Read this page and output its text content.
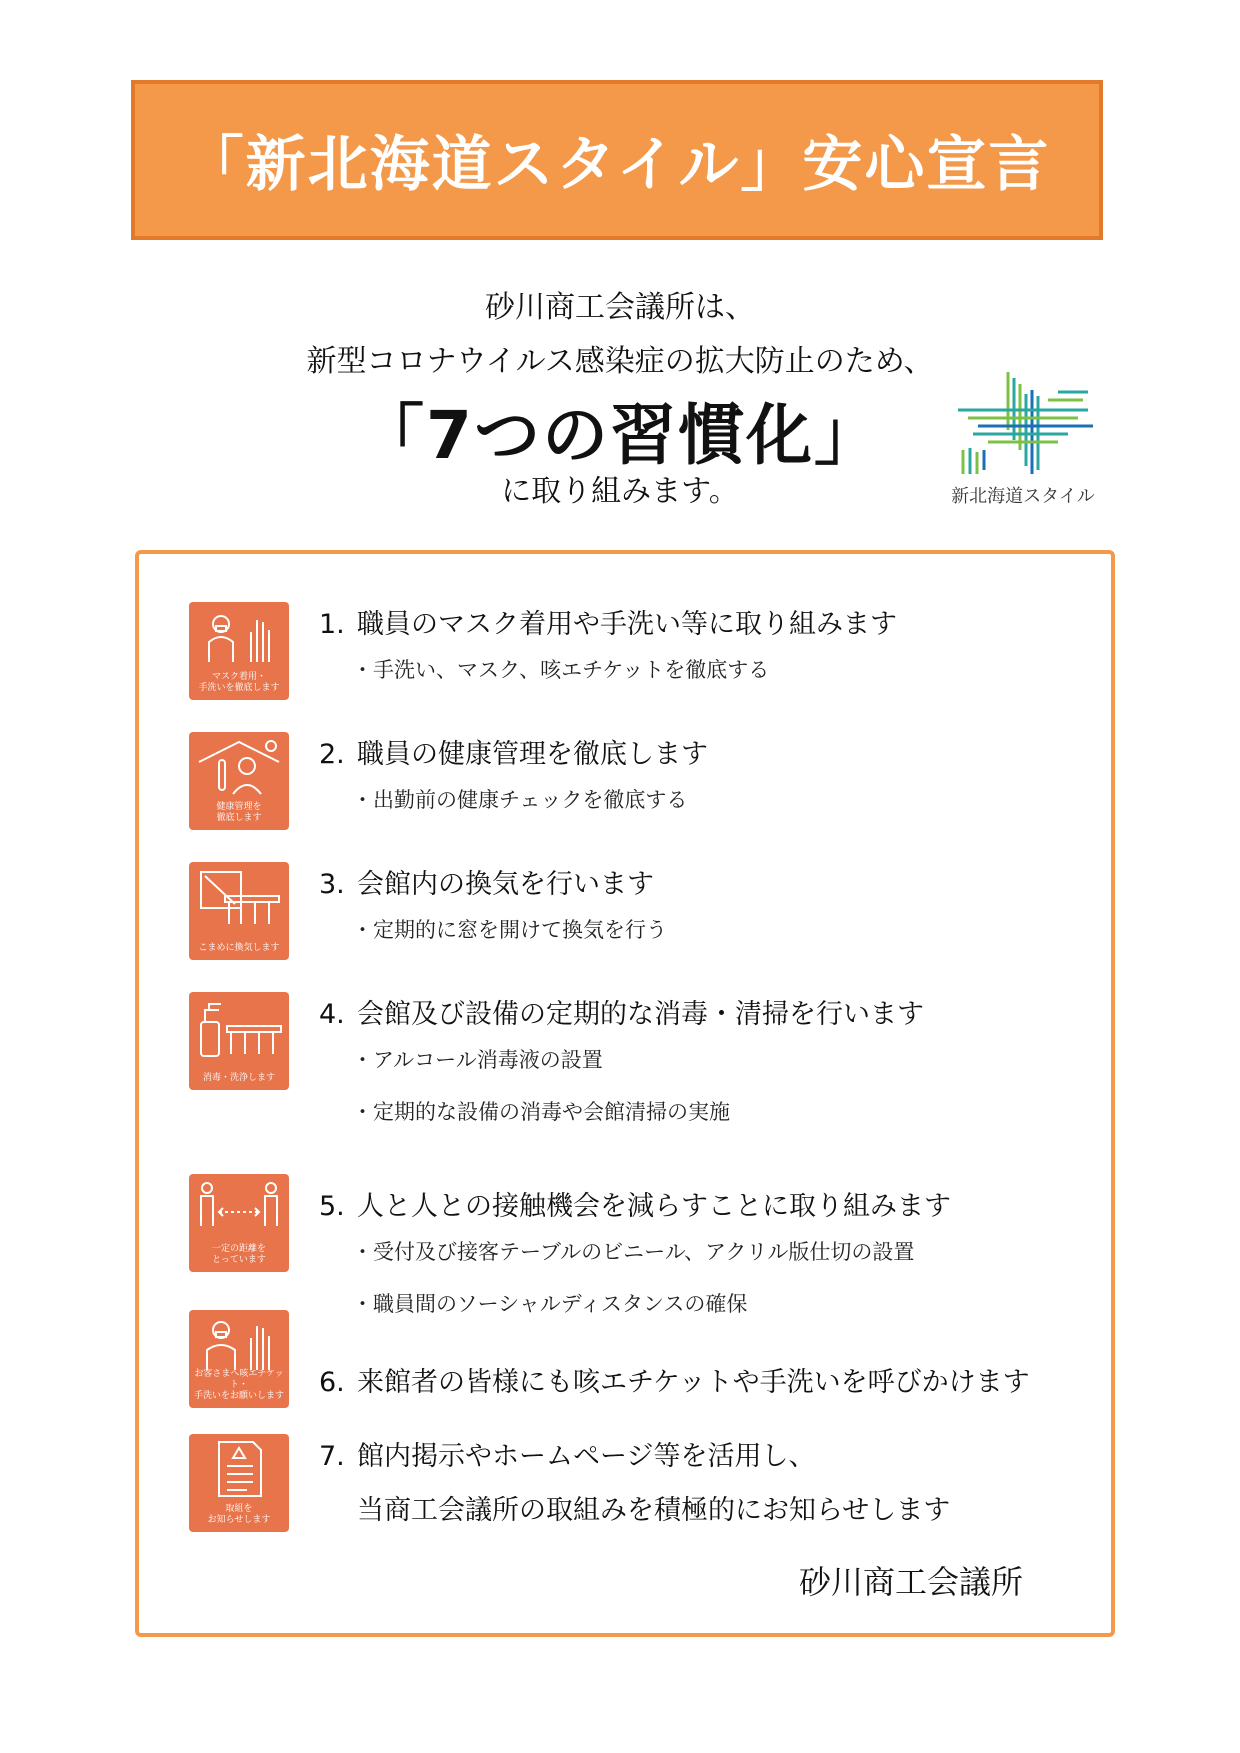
「新北海道スタイル」安心宣言
砂川商工会議所は、
新型コロナウイルス感染症の拡大防止のため、
「7つの習慣化」
に取り組みます。	新北海道スタイル
マスク着用・
手洗いを徹底します
1. 職員のマスク着用や手洗い等に取り組みます
・手洗い、マスク、咳エチケットを徹底する
健康管理を
徹底します
2. 職員の健康管理を徹底します
・出勤前の健康チェックを徹底する
こまめに換気します
3. 会館内の換気を行います
・定期的に窓を開けて換気を行う
消毒・洗浄します
4. 会館及び設備の定期的な消毒・清掃を行います
・アルコール消毒液の設置
・定期的な設備の消毒や会館清掃の実施
一定の距離を
とっています
5. 人と人との接触機会を減らすことに取り組みます
・受付及び接客テーブルのビニール、アクリル版仕切の設置
・職員間のソーシャルディスタンスの確保
お客さまへ咳エチケット・
手洗いをお願いします 6. 来館者の皆様にも咳エチケットや手洗いを呼びかけます
取組を
お知らせします
7. 館内掲示やホームページ等を活用し、
当商工会議所の取組みを積極的にお知らせします
砂川商工会議所
